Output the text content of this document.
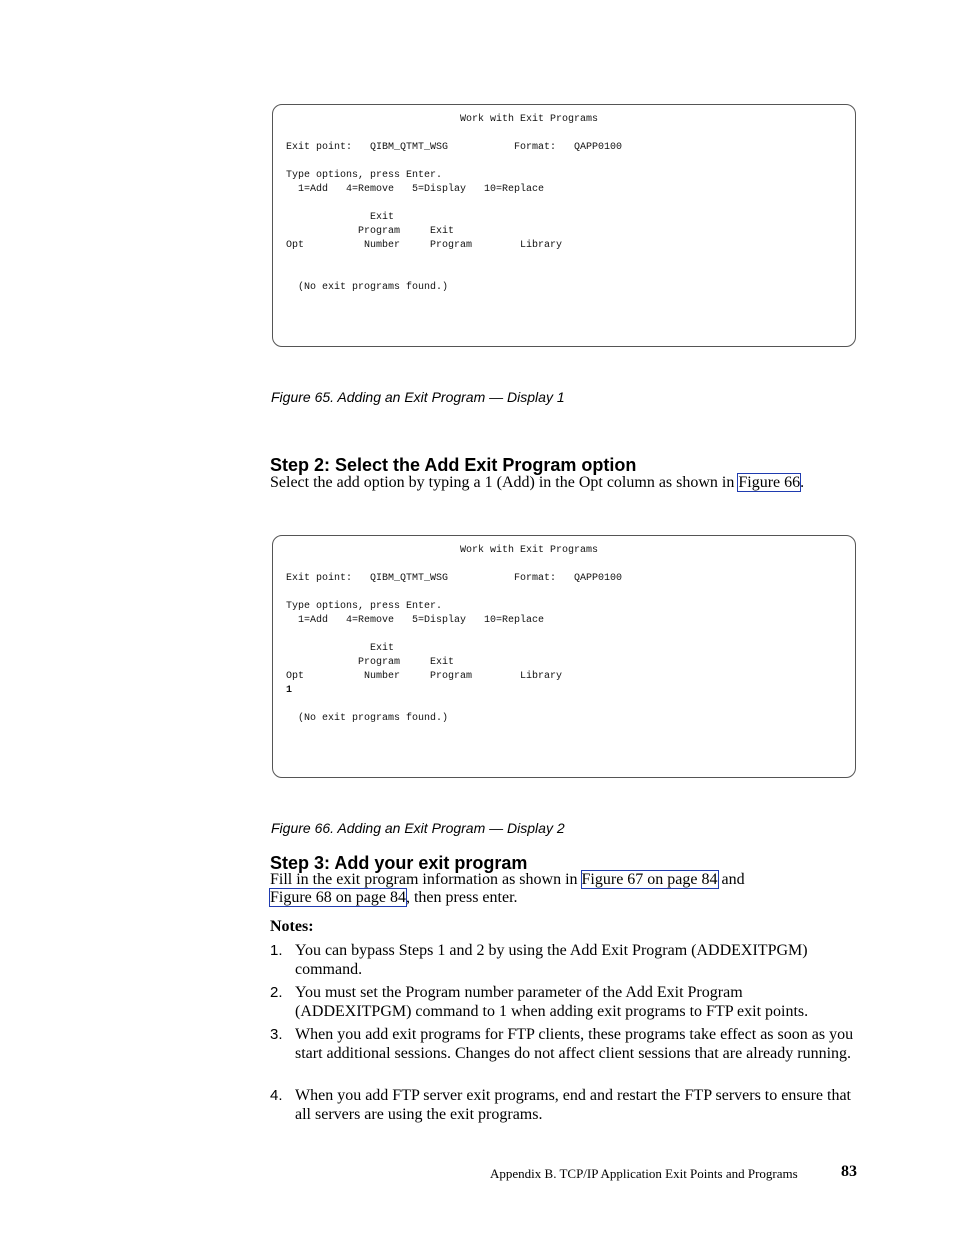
Work with Exit Programs

Exit point:   QIBM_QTMT_WSG           Format:   QAPP0100

Type options, press Enter.
1=Add   4=Remove   5=Display   10=Replace

Exit
Program     Exit
Opt          Number     Program        Library

(No exit programs found.)
Figure 65. Adding an Exit Program — Display 1
Step 2: Select the Add Exit Program option

Select the add option by typing a 1 (Add) in the Opt column as shown in Figure 66.

Work with Exit Programs

Exit point:   QIBM_QTMT_WSG           Format:   QAPP0100

Type options, press Enter.
1=Add   4=Remove   5=Display   10=Replace

Exit
Program     Exit
Opt          Number     Program        Library
1

(No exit programs found.)
Figure 66. Adding an Exit Program — Display 2
Step 3: Add your exit program

Fill in the exit program information as shown in Figure 67 on page 84 and
Figure 68 on page 84, then press enter.

Notes:

1. You can bypass Steps 1 and 2 by using the Add Exit Program (ADDEXITPGM) command.
2. You must set the Program number parameter of the Add Exit Program (ADDEXITPGM) command to 1 when adding exit programs to FTP exit points.
3. When you add exit programs for FTP clients, these programs take effect as soon as you start additional sessions. Changes do not affect client sessions that are already running.
4. When you add FTP server exit programs, end and restart the FTP servers to ensure that all servers are using the exit programs.
Appendix B. TCP/IP Application Exit Points and Programs	83
